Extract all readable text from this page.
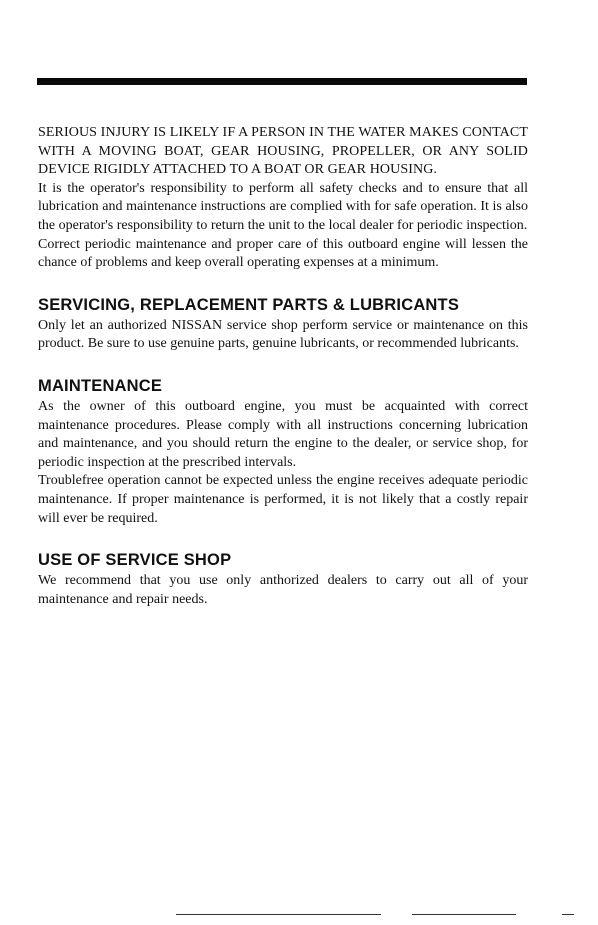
SERIOUS INJURY IS LIKELY IF A PERSON IN THE WATER MAKES CONTACT WITH A MOVING BOAT, GEAR HOUSING, PROPELLER, OR ANY SOLID DEVICE RIGIDLY ATTACHED TO A BOAT OR GEAR HOUSING.

It is the operator's responsibility to perform all safety checks and to ensure that all lubrication and maintenance instructions are complied with for safe operation. It is also the operator's responsibility to return the unit to the local dealer for periodic inspection.

Correct periodic maintenance and proper care of this outboard engine will lessen the chance of problems and keep overall operating expenses at a minimum.

SERVICING, REPLACEMENT PARTS & LUBRICANTS

Only let an authorized NISSAN service shop perform service or maintenance on this product. Be sure to use genuine parts, genuine lubricants, or recommended lubricants.

MAINTENANCE

As the owner of this outboard engine, you must be acquainted with correct maintenance procedures. Please comply with all instructions concerning lubrication and maintenance, and you should return the engine to the dealer, or service shop, for periodic inspection at the prescribed intervals.

Troublefree operation cannot be expected unless the engine receives adequate periodic maintenance. If proper maintenance is performed, it is not likely that a costly repair will ever be required.

USE OF SERVICE SHOP

We recommend that you use only anthorized dealers to carry out all of your maintenance and repair needs.
